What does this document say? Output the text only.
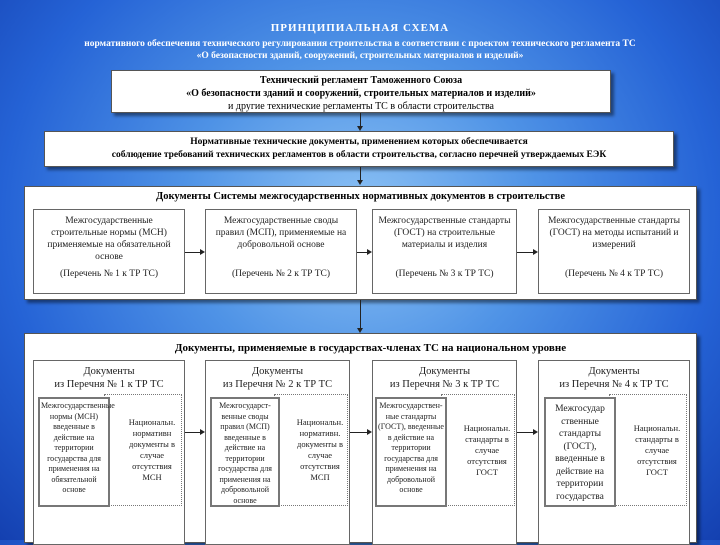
ПРИНЦИПИАЛЬНАЯ СХЕМА
нормативного обеспечения технического регулирования строительства в соответствии с проектом технического регламента ТС
«О безопасности зданий, сооружений, строительных материалов и изделий»
Технический регламент Таможенного Союза
«О безопасности зданий и сооружений, строительных материалов и изделий»
и другие технические регламенты ТС в области строительства
Нормативные технические документы, применением которых обеспечивается
соблюдение требований технических регламентов в области строительства, согласно перечней утверждаемых ЕЭК
Документы Системы межгосударственных нормативных документов в строительстве
Межгосударственные строительные нормы (МСН) применяемые на обязательной основе
(Перечень № 1 к ТР ТС)
Межгосударственные своды правил (МСП), применяемые на добровольной основе
(Перечень № 2 к ТР ТС)
Межгосударственные стандарты (ГОСТ) на строительные материалы и изделия
(Перечень № 3 к ТР ТС)
Межгосударственные стандарты (ГОСТ) на методы испытаний и измерений
(Перечень № 4 к ТР ТС)
Документы, применяемые в государствах-членах ТС на национальном уровне
Документы
из Перечня № 1 к ТР ТС
Национальн. нормативн документы в случае отсутствия МСН
Межгосударственные нормы (МСН) введенные в действие на территории государства для применения на обязательной основе
Документы
из Перечня № 2 к ТР ТС
Национальн. нормативн. документы в случае отсутствия МСП
Межгосударст-венные своды правил (МСП) введенные в действие на территории государства для применения на добровольной основе
Документы
из Перечня № 3 к ТР ТС
Национальн. стандарты в случае отсутствия ГОСТ
Межгосударствен-ные стандарты (ГОСТ), введенные в действие на территории государства для применения на добровольной основе
Документы
из Перечня № 4 к ТР ТС
Национальн. стандарты в случае отсутствия ГОСТ
Межгосудар ственные стандарты (ГОСТ), введенные в действие на территории государства
